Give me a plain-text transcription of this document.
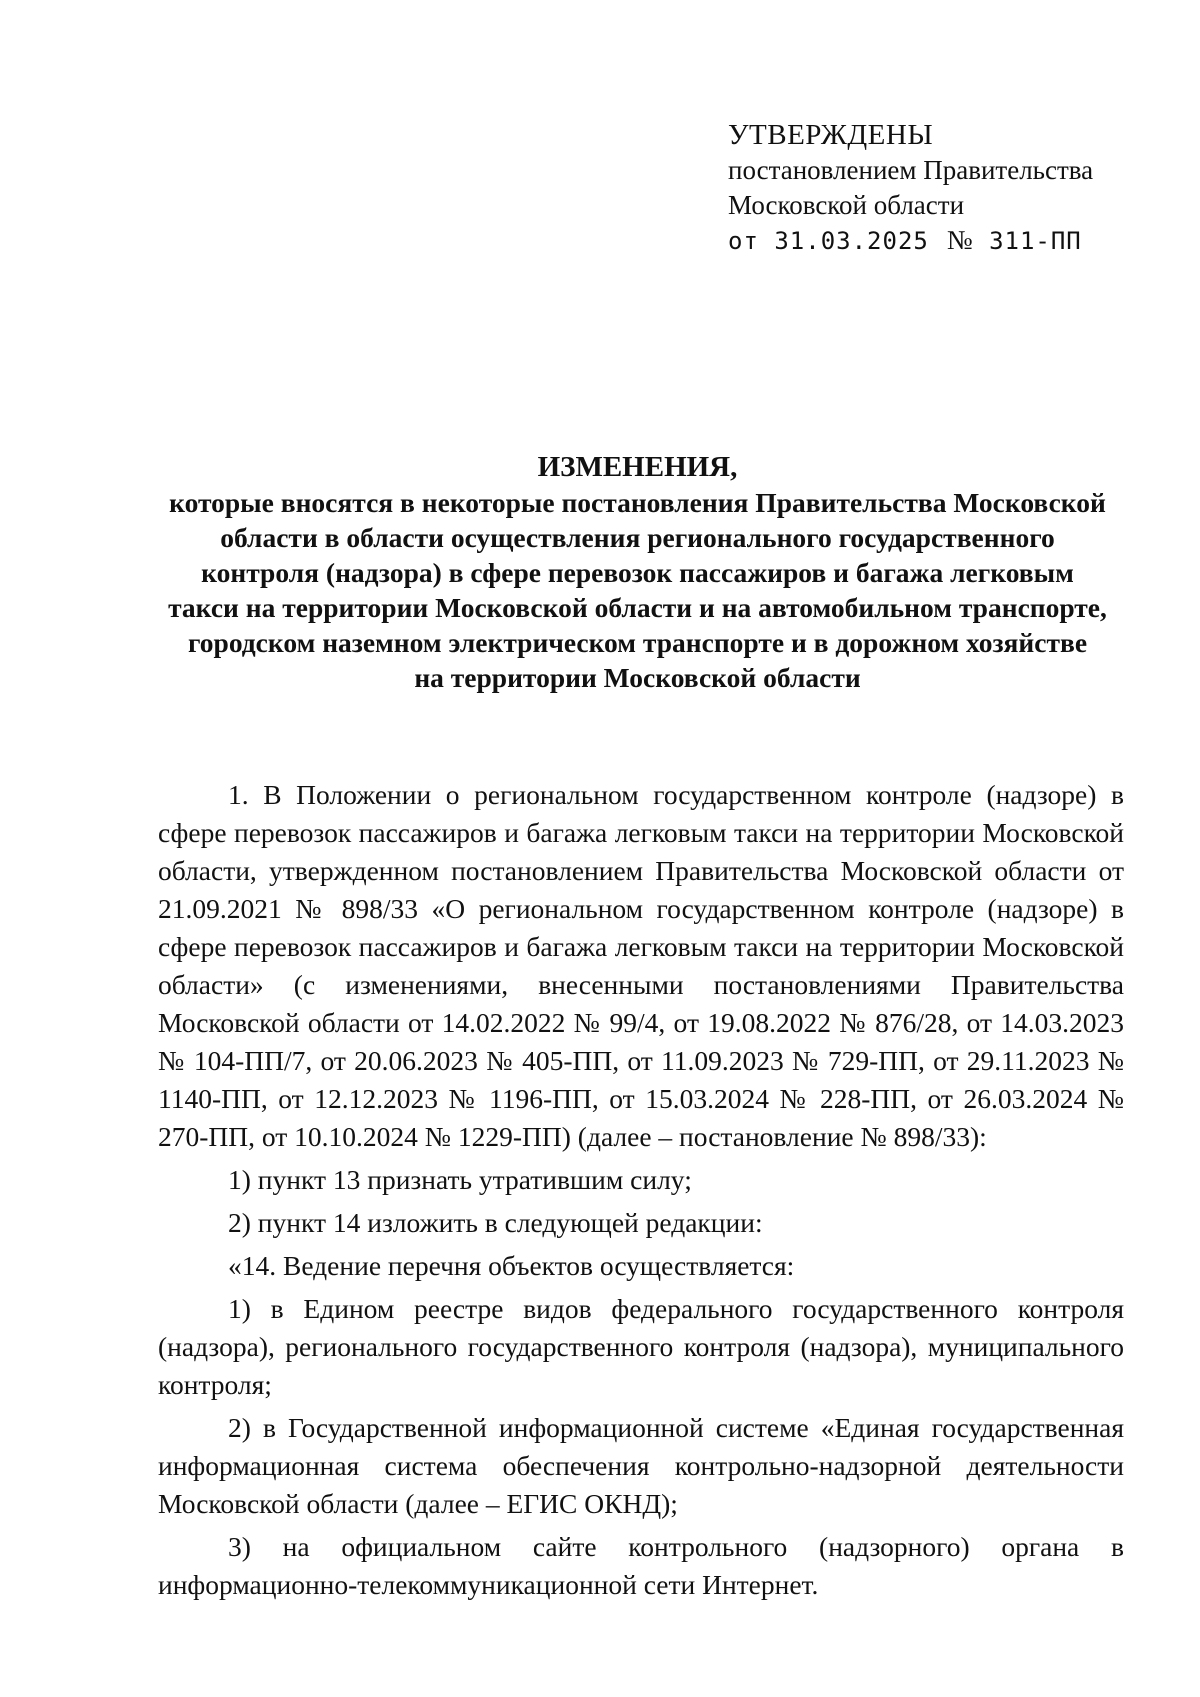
УТВЕРЖДЕНЫ
постановлением Правительства
Московской области
от 31.03.2025 № 311-ПП
ИЗМЕНЕНИЯ,
которые вносятся в некоторые постановления Правительства Московской
области в области осуществления регионального государственного
контроля (надзора) в сфере перевозок пассажиров и багажа легковым
такси на территории Московской области и на автомобильном транспорте,
городском наземном электрическом транспорте и в дорожном хозяйстве
на территории Московской области

1. В Положении о региональном государственном контроле (надзоре) в сфере перевозок пассажиров и багажа легковым такси на территории Московской области, утвержденном постановлением Правительства Московской области от 21.09.2021 № 898/33 «О региональном государственном контроле (надзоре) в сфере перевозок пассажиров и багажа легковым такси на территории Московской области» (с изменениями, внесенными постановлениями Правительства Московской области от 14.02.2022 № 99/4, от 19.08.2022 № 876/28, от 14.03.2023 № 104-ПП/7, от 20.06.2023 № 405-ПП, от 11.09.2023 № 729-ПП, от 29.11.2023 № 1140-ПП, от 12.12.2023 № 1196-ПП, от 15.03.2024 № 228-ПП, от 26.03.2024 № 270-ПП, от 10.10.2024 № 1229-ПП) (далее – постановление № 898/33):

1) пункт 13 признать утратившим силу;

2) пункт 14 изложить в следующей редакции:

«14. Ведение перечня объектов осуществляется:

1) в Едином реестре видов федерального государственного контроля (надзора), регионального государственного контроля (надзора), муниципального контроля;

2) в Государственной информационной системе «Единая государственная информационная система обеспечения контрольно-надзорной деятельности Московской области (далее – ЕГИС ОКНД);

3) на официальном сайте контрольного (надзорного) органа в информационно-телекоммуникационной сети Интернет.
